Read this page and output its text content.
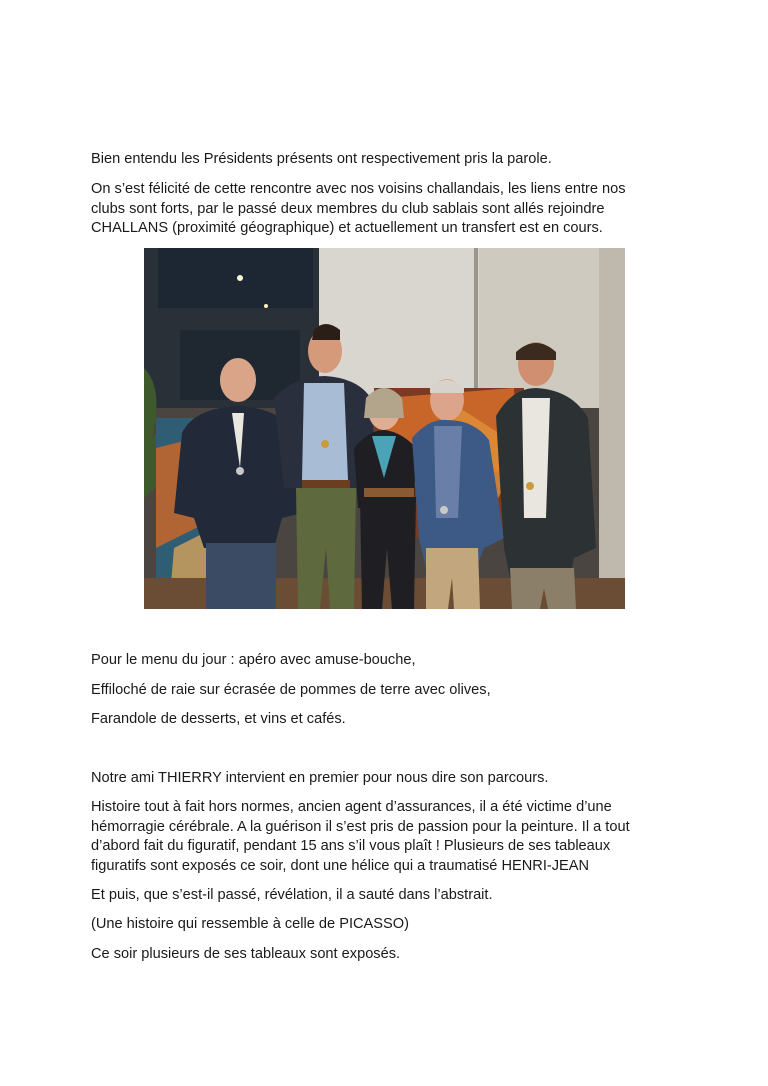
Bien entendu les Présidents présents ont respectivement pris la parole.

On s’est félicité de cette rencontre avec nos voisins challandais, les liens entre nos

clubs sont forts, par le passé deux membres du club sablais sont allés rejoindre

CHALLANS (proximité géographique) et actuellement un transfert est en cours.

Pour le menu du jour : apéro avec amuse-bouche,

Effiloché de raie sur écrasée de pommes de terre avec olives,

Farandole de desserts, et vins et cafés.

Notre ami THIERRY intervient en premier pour nous dire son parcours.

Histoire tout à fait hors normes, ancien agent d’assurances, il a été victime d’une

hémorragie cérébrale. A la guérison il s’est pris de passion pour la peinture. Il a tout

d’abord fait du figuratif, pendant 15 ans s’il vous plaît ! Plusieurs de ses tableaux

figuratifs sont exposés ce soir, dont une hélice qui a traumatisé HENRI-JEAN

Et puis, que s’est-il passé, révélation, il a sauté dans l’abstrait.

(Une histoire qui ressemble à celle de PICASSO)

Ce soir plusieurs de ses tableaux sont exposés.
